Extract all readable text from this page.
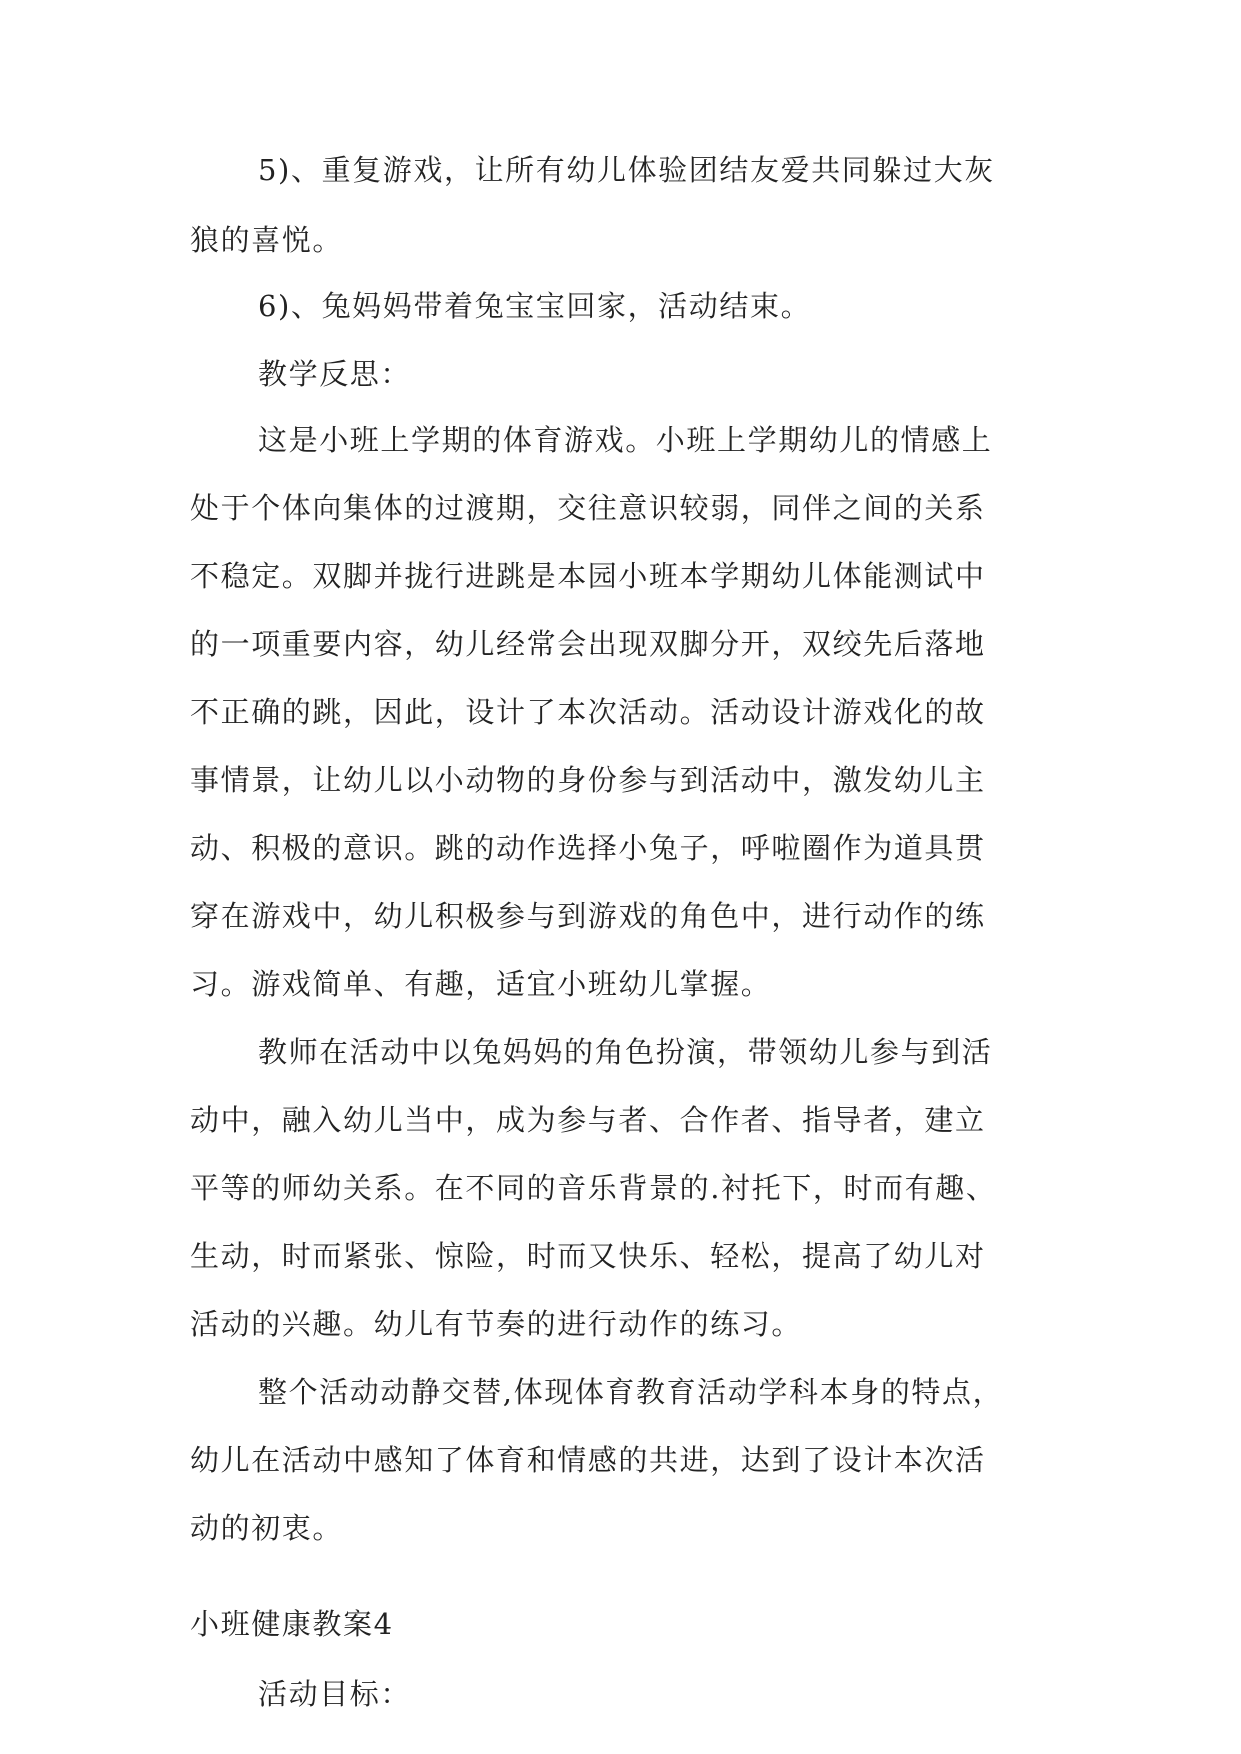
5)、重复游戏，让所有幼儿体验团结友爱共同躲过大灰
狼的喜悦。
6)、兔妈妈带着兔宝宝回家，活动结束。
教学反思：
这是小班上学期的体育游戏。小班上学期幼儿的情感上
处于个体向集体的过渡期，交往意识较弱，同伴之间的关系
不稳定。双脚并拢行进跳是本园小班本学期幼儿体能测试中
的一项重要内容，幼儿经常会出现双脚分开，双绞先后落地
不正确的跳，因此，设计了本次活动。活动设计游戏化的故
事情景，让幼儿以小动物的身份参与到活动中，激发幼儿主
动、积极的意识。跳的动作选择小兔子，呼啦圈作为道具贯
穿在游戏中，幼儿积极参与到游戏的角色中，进行动作的练
习。游戏简单、有趣，适宜小班幼儿掌握。
教师在活动中以兔妈妈的角色扮演，带领幼儿参与到活
动中，融入幼儿当中，成为参与者、合作者、指导者，建立
平等的师幼关系。在不同的音乐背景的.衬托下，时而有趣、
生动，时而紧张、惊险，时而又快乐、轻松，提高了幼儿对
活动的兴趣。幼儿有节奏的进行动作的练习。
整个活动动静交替,体现体育教育活动学科本身的特点，
幼儿在活动中感知了体育和情感的共进，达到了设计本次活
动的初衷。
小班健康教案4
活动目标：
